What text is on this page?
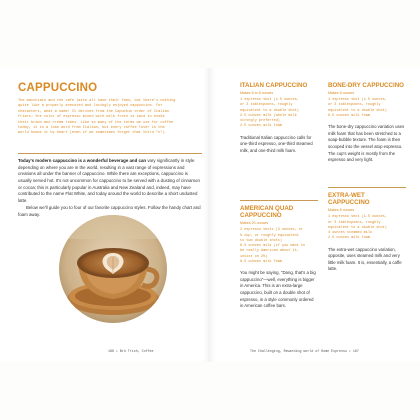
CAPPUCCINO

The macchiato and the café latte all have their fans, but there's nothing
quite like a properly executed and lovingly enjoyed cappuccino. For
characters, what a name! It derives from the Capuchin order of Italian
friars; the color of espresso mixed with milk froth is said to evoke
their brown and cream robes. Like so many of the terms we use for coffee
today, it is a loan word from Italian, but every coffee lover in the
world knows it by heart (even if we sometimes forget that third "c").

Today's modern cappuccino is a wonderful beverage and can vary significantly in style depending on where you are in the world, resulting in a vast range of expressions and creations all under the banner of cappuccino. While there are exceptions, cappuccino is usually served hot. It's not uncommon for cappuccino to be served with a dusting of cinnamon or cocoa; this is particularly popular in Australia and New Zealand and, indeed, may have contributed to the name Flat White, and today around the world to describe a short undusted latte.
Below we'll guide you to four of our favorite cappuccino styles. Follow the handy chart and foam away.
186 • Brû Trish, Coffee
ITALIAN CAPPUCCINO
Makes 6 to 8 ounces
1 espresso shot (1.5 ounces,
or 3 tablespoons, roughly
equivalent to a double shot)
2.5 ounces milk (whole milk
strongly preferred)
2.5 ounces milk foam
Traditional Italian cappuccino calls for one-third espresso, one-third steamed milk, and one-third milk foam.
BONE-DRY CAPPUCCINO
Makes 8 ounces
1 espresso shot (1.5 ounces,
or 3 tablespoons, roughly
equivalent to a double shot)
6.5 ounces milk foam
The bone-dry cappuccino variation uses milk foam that has been stretched to a soap-bubble texture. The foam is then scooped into the vessel atop espresso. The cup's weight is mostly from the espresso and very light.
AMERICAN QUAD CAPPUCCINO
Makes 20 ounces
2 espresso shots (3 ounces, or
¾ cup, or roughly equivalent
to two double shots)
8.5 ounces milk (if you want to
be really American about it,
insist on 2%)
8.5 ounces milk foam
You might be saying, "Dang, that's a big cappuccino"—well, everything is bigger in America. This is an extra-large cappuccino, built on a double shot of espresso, in a style commonly ordered in American coffee bars.
EXTRA-WET CAPPUCCINO
Makes 8 ounces
1 espresso shot (1.5 ounces,
or 3 tablespoons, roughly
equivalent to a double shot)
4 ounces steamed milk
2.5 ounces milk foam
The extra-wet cappuccino variation, opposite, uses steamed milk and very little milk foam. It is, essentially, a caffe latte.
The Challenging, Rewarding world of Home Espresso • 187
